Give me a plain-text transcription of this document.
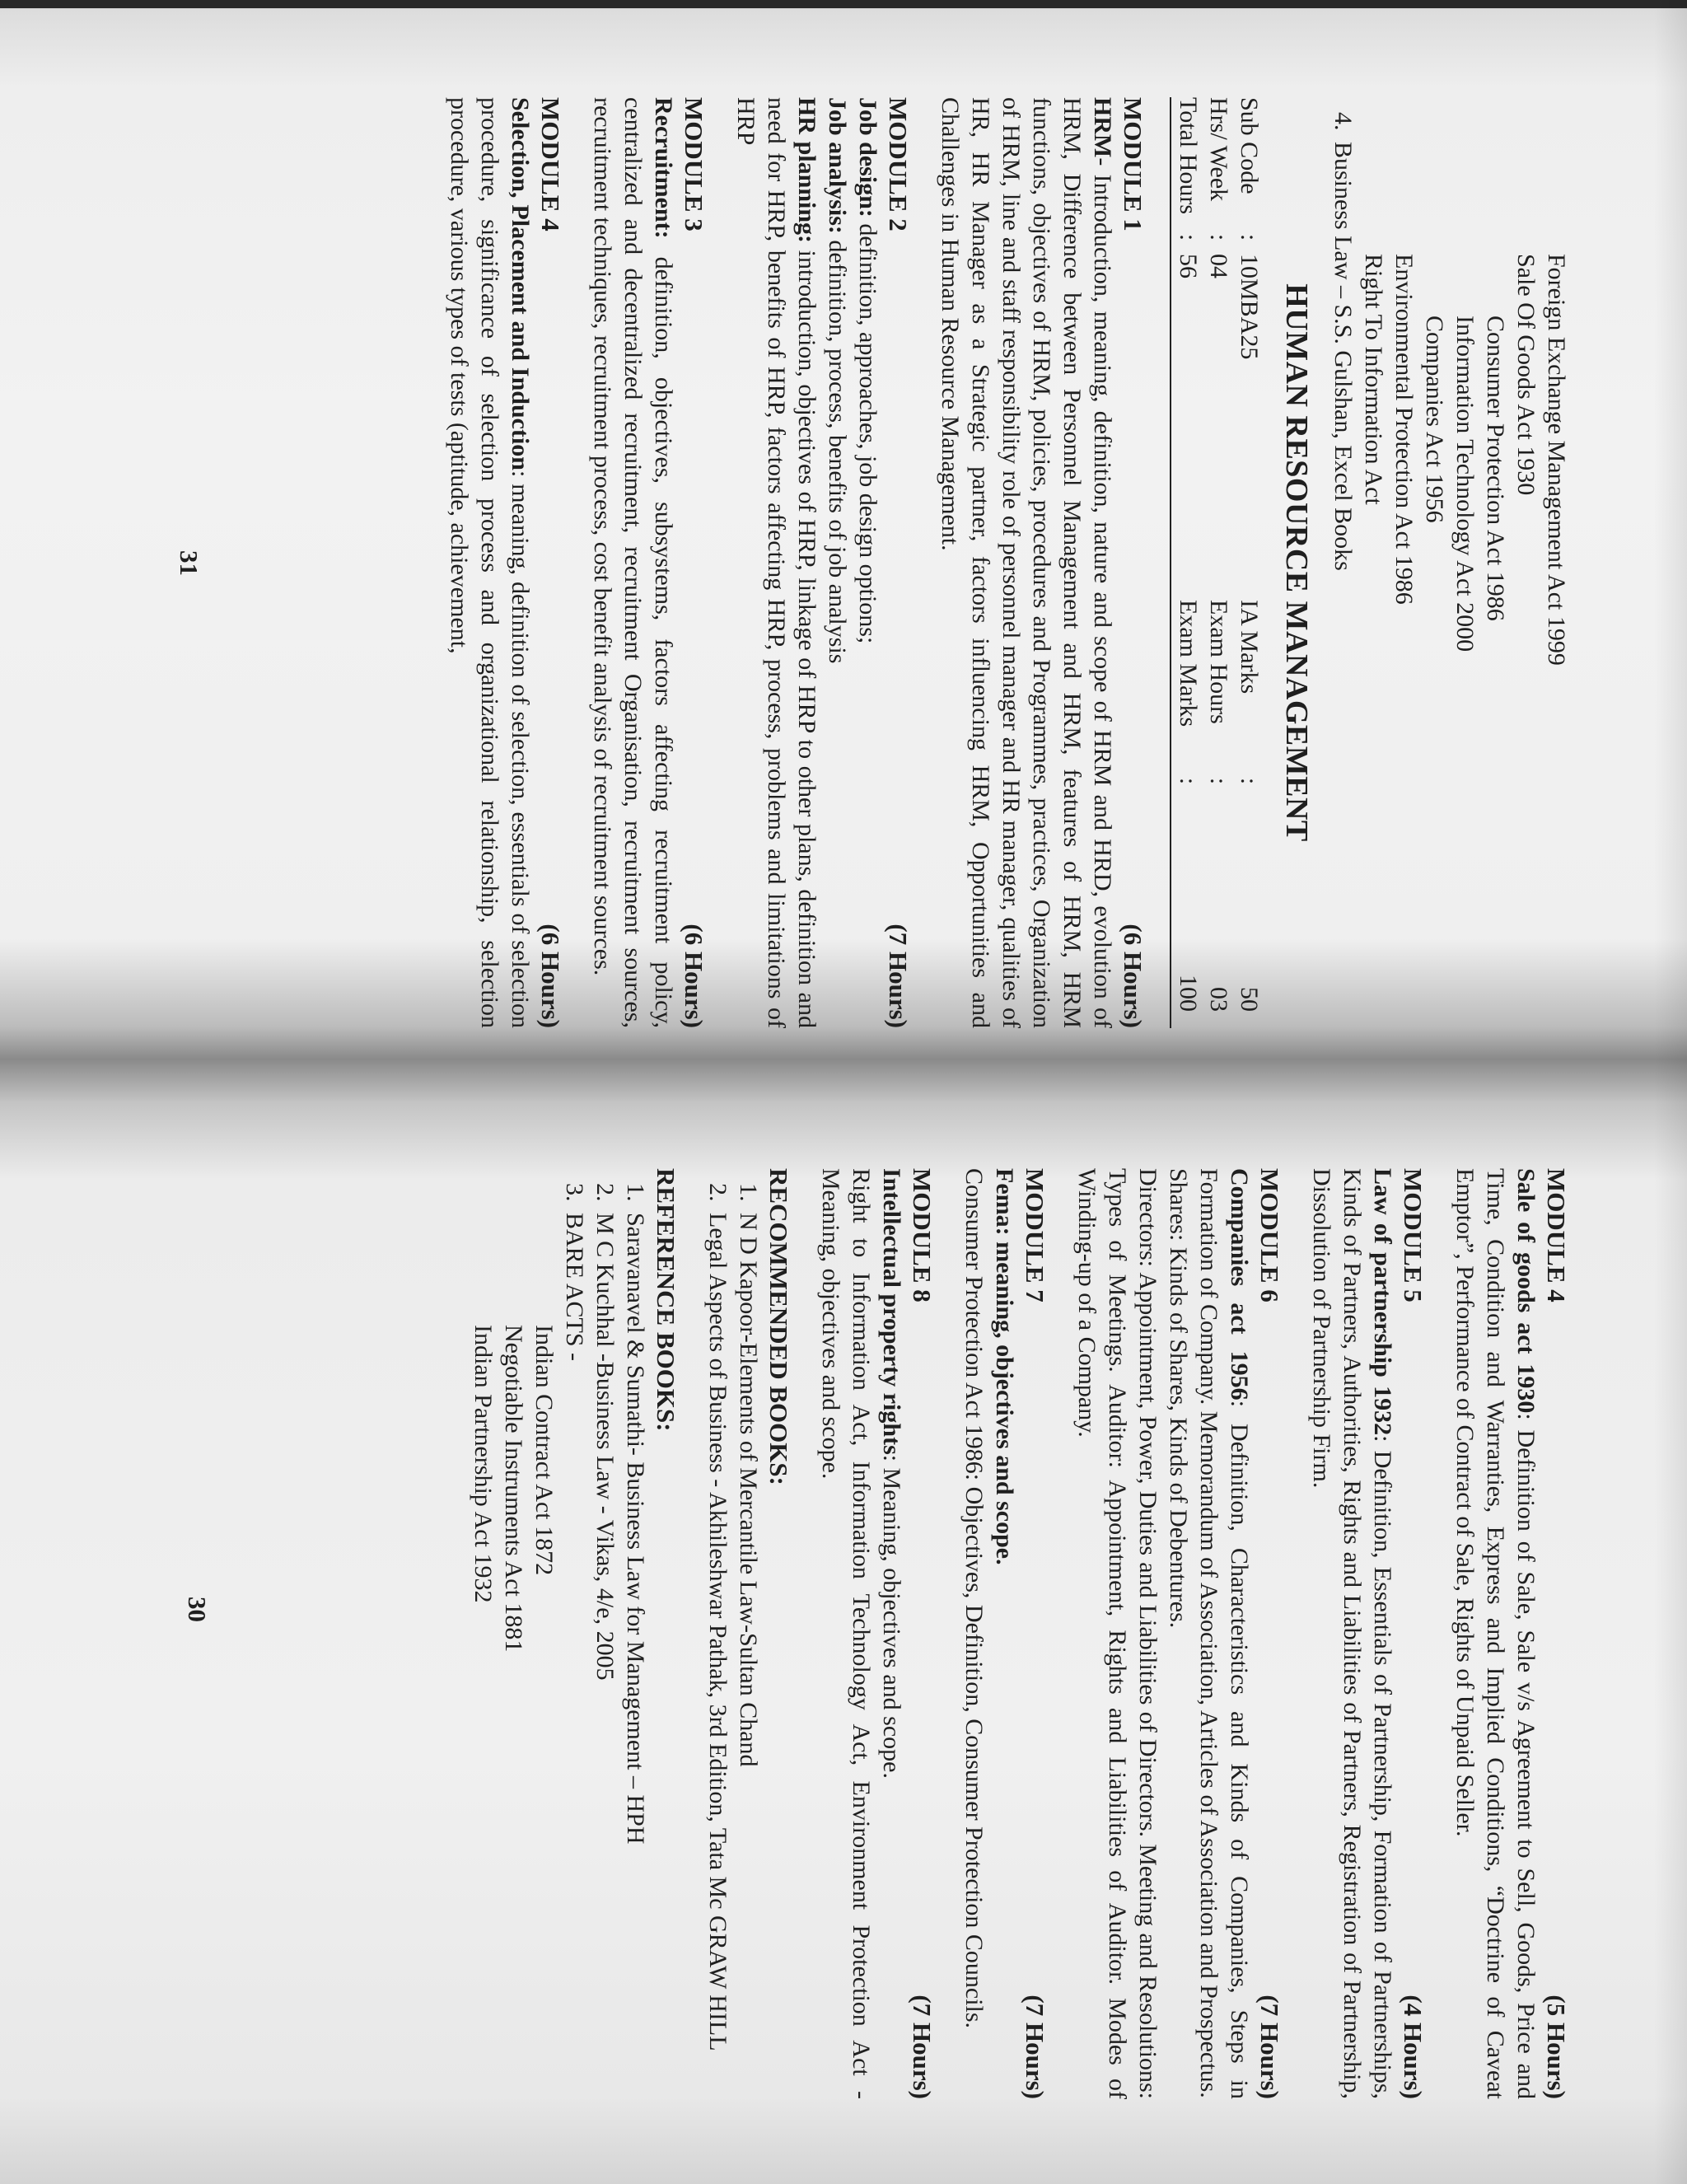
MODULE 4
(5 Hours)

Sale of goods act 1930: Definition of Sale, Sale v/s Agreement to Sell, Goods, Price and Time, Condition and Warranties, Express and Implied Conditions, “Doctrine of Caveat Emptor”, Performance of Contract of Sale, Rights of Unpaid Seller.

MODULE 5
(4 Hours)

Law of partnership 1932: Definition, Essentials of Partnership, Formation of Partnerships, Kinds of Partners, Authorities, Rights and Liabilities of Partners, Registration of Partnership, Dissolution of Partnership Firm.

MODULE 6
(7 Hours)

Companies act 1956: Definition, Characteristics and Kinds of Companies, Steps in Formation of Company. Memorandum of Association, Articles of Association and Prospectus.

Shares: Kinds of Shares, Kinds of Debentures.

Directors: Appointment, Power, Duties and Liabilities of Directors. Meeting and Resolutions: Types of Meetings. Auditor: Appointment, Rights and Liabilities of Auditor. Modes of Winding-up of a Company.

MODULE 7
(7 Hours)

Fema: meaning, objectives and scope.

Consumer Protection Act 1986: Objectives, Definition, Consumer Protection Councils.

MODULE 8
(7 Hours)

Intellectual property rights: Meaning, objectives and scope.

Right to Information Act, Information Technology Act, Environment Protection Act - Meaning, objectives and scope.

RECOMMENDED BOOKS:
1. N D Kapoor-Elements of Mercantile Law-Sultan Chand
2. Legal Aspects of Business - Akhileshwar Pathak, 3rd Edition, Tata Mc GRAW HILL
REFERENCE BOOKS:
1. Saravanavel & Sumathi- Business Law for Management – HPH
2. M C Kuchhal -Business Law - Vikas, 4/e, 2005
3. BARE ACTS -
Indian Contract Act 1872
Negotiable Instruments Act 1881
Indian Partnership Act 1932
30
Foreign Exchange Management Act 1999
Sale Of Goods Act 1930
Consumer Protection Act 1986
Information Technology Act 2000
Companies Act 1956
Environmental Protection Act 1986
Right To Information Act
4. Business Law – S.S. Gulshan, Excel Books
HUMAN RESOURCE MANAGEMENT
Sub Code
:
10MBA25
IA Marks
:
50
Hrs/ Week
:
04
Exam Hours
:
03
Total Hours
:
56
Exam Marks
:
100
MODULE 1
(6 Hours)

HRM- Introduction, meaning, definition, nature and scope of HRM and HRD, evolution of HRM, Difference between Personnel Management and HRM, features of HRM, HRM functions, objectives of HRM, policies, procedures and Programmes, practices, Organization of HRM, line and staff responsibility role of personnel manager and HR manager, qualities of HR, HR Manager as a Strategic partner, factors influencing HRM, Opportunities and Challenges in Human Resource Management.

MODULE 2
(7 Hours)

Job design: definition, approaches, job design options;

Job analysis: definition, process, benefits of job analysis

HR planning: introduction, objectives of HRP, linkage of HRP to other plans, definition and need for HRP, benefits of HRP, factors affecting HRP, process, problems and limitations of HRP

MODULE 3
(6 Hours)

Recruitment: definition, objectives, subsystems, factors affecting recruitment policy, centralized and decentralized recruitment, recruitment Organisation, recruitment sources, recruitment techniques, recruitment process, cost benefit analysis of recruitment sources.

MODULE 4
(6 Hours)

Selection, Placement and Induction: meaning, definition of selection, essentials of selection procedure, significance of selection process and organizational relationship, selection procedure, various types of tests (aptitude, achievement,

31
